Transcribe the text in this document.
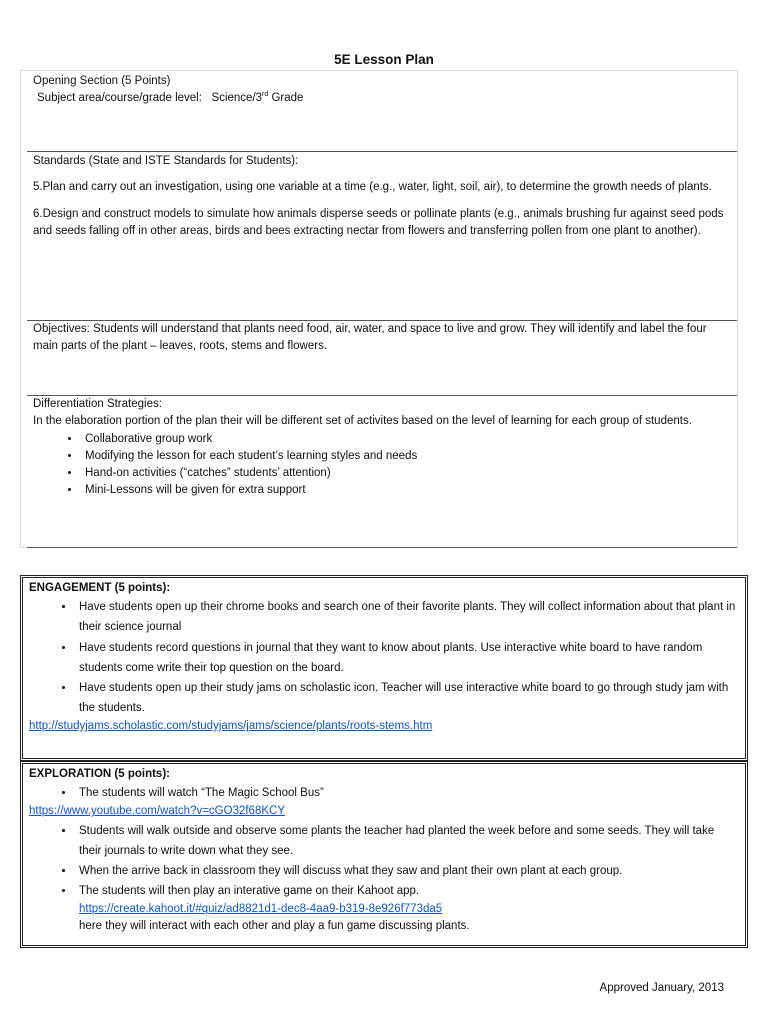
5E Lesson Plan

Opening Section (5 Points)

Subject area/course/grade level: Science/3rd Grade

Standards (State and ISTE Standards for Students):

5.Plan and carry out an investigation, using one variable at a time (e.g., water, light, soil, air), to determine the growth needs of plants.

6.Design and construct models to simulate how animals disperse seeds or pollinate plants (e.g., animals brushing fur against seed pods and seeds falling off in other areas, birds and bees extracting nectar from flowers and transferring pollen from one plant to another).

Objectives: Students will understand that plants need food, air, water, and space to live and grow. They will identify and label the four main parts of the plant – leaves, roots, stems and flowers.

Differentiation Strategies:

In the elaboration portion of the plan their will be different set of activites based on the level of learning for each group of students.

• Collaborative group work
• Modifying the lesson for each student’s learning styles and needs
• Hand-on activities (“catches” students’ attention)
• Mini-Lessons will be given for extra support
ENGAGEMENT (5 points):
• Have students open up their chrome books and search one of their favorite plants. They will collect information about that plant in their science journal
• Have students record questions in journal that they want to know about plants. Use interactive white board to have random students come write their top question on the board.
• Have students open up their study jams on scholastic icon. Teacher will use interactive white board to go through study jam with the students.

http://studyjams.scholastic.com/studyjams/jams/science/plants/roots-stems.htm

EXPLORATION (5 points):
• The students will watch “The Magic School Bus”

https://www.youtube.com/watch?v=cGO32f68KCY

• Students will walk outside and observe some plants the teacher had planted the week before and some seeds. They will take their journals to write down what they see.
• When the arrive back in classroom they will discuss what they saw and plant their own plant at each group.
• The students will then play an interative game on their Kahoot app.

https://create.kahoot.it/#quiz/ad8821d1-dec8-4aa9-b319-8e926f773da5

here they will interact with each other and play a fun game discussing plants.

Approved January, 2013
